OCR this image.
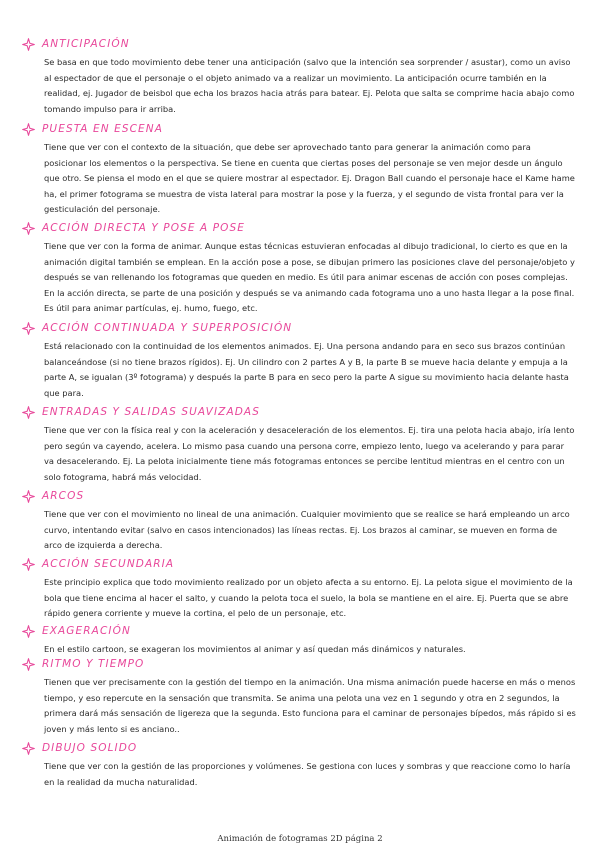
ANTICIPACIÓN

Se basa en que todo movimiento debe tener una anticipación (salvo que la intención sea sorprender / asustar), como un aviso al espectador de que el personaje o el objeto animado va a realizar un movimiento. La anticipación ocurre también en la realidad, ej. Jugador de beisbol que echa los brazos hacia atrás para batear. Ej. Pelota que salta se comprime hacia abajo como tomando impulso para ir arriba.

PUESTA EN ESCENA

Tiene que ver con el contexto de la situación, que debe ser aprovechado tanto para generar la animación como para posicionar los elementos o la perspectiva. Se tiene en cuenta que ciertas poses del personaje se ven mejor desde un ángulo que otro. Se piensa el modo en el que se quiere mostrar al espectador. Ej. Dragon Ball cuando el personaje hace el Kame hame ha, el primer fotograma se muestra de vista lateral para mostrar la pose y la fuerza, y el segundo de vista frontal para ver la gesticulación del personaje.

ACCIÓN DIRECTA Y POSE A POSE

Tiene que ver con la forma de animar. Aunque estas técnicas estuvieran enfocadas al dibujo tradicional, lo cierto es que en la animación digital también se emplean. En la acción pose a pose, se dibujan primero las posiciones clave del personaje/objeto y después se van rellenando los fotogramas que queden en medio. Es útil para animar escenas de acción con poses complejas. En la acción directa, se parte de una posición y después se va animando cada fotograma uno a uno hasta llegar a la pose final. Es útil para animar partículas, ej. humo, fuego, etc.

ACCIÓN CONTINUADA Y SUPERPOSICIÓN

Está relacionado con la continuidad de los elementos animados. Ej. Una persona andando para en seco sus brazos continúan balanceándose (si no tiene brazos rígidos). Ej. Un cilindro con 2 partes A y B, la parte B se mueve hacia delante y empuja a la parte A, se igualan (3º fotograma) y después la parte B para en seco pero la parte A sigue su movimiento hacia delante hasta que para.

ENTRADAS Y SALIDAS SUAVIZADAS

Tiene que ver con la física real y con la aceleración y desaceleración de los elementos. Ej. tira una pelota hacia abajo, iría lento pero según va cayendo, acelera. Lo mismo pasa cuando una persona corre, empiezo lento, luego va acelerando y para parar va desacelerando. Ej. La pelota inicialmente tiene más fotogramas entonces se percibe lentitud mientras en el centro con un solo fotograma, habrá más velocidad.

ARCOS

Tiene que ver con el movimiento no lineal de una animación. Cualquier movimiento que se realice se hará empleando un arco curvo, intentando evitar (salvo en casos intencionados) las líneas rectas. Ej. Los brazos al caminar, se mueven en forma de arco de izquierda a derecha.

ACCIÓN SECUNDARIA

Este principio explica que todo movimiento realizado por un objeto afecta a su entorno. Ej. La pelota sigue el movimiento de la bola que tiene encima al hacer el salto, y cuando la pelota toca el suelo, la bola se mantiene en el aire. Ej. Puerta que se abre rápido genera corriente y mueve la cortina, el pelo de un personaje, etc.

EXAGERACIÓN

En el estilo cartoon, se exageran los movimientos al animar y así quedan más dinámicos y naturales.

RITMO Y TIEMPO

Tienen que ver precisamente con la gestión del tiempo en la animación. Una misma animación puede hacerse en más o menos tiempo, y eso repercute en la sensación que transmita. Se anima una pelota una vez en 1 segundo y otra en 2 segundos, la primera dará más sensación de ligereza que la segunda. Esto funciona para el caminar de personajes bípedos, más rápido si es joven y más lento si es anciano..

DIBUJO SOLIDO

Tiene que ver con la gestión de las proporciones y volúmenes. Se gestiona con luces y sombras y que reaccione como lo haría en la realidad da mucha naturalidad.

Animación de fotogramas 2D página 2
